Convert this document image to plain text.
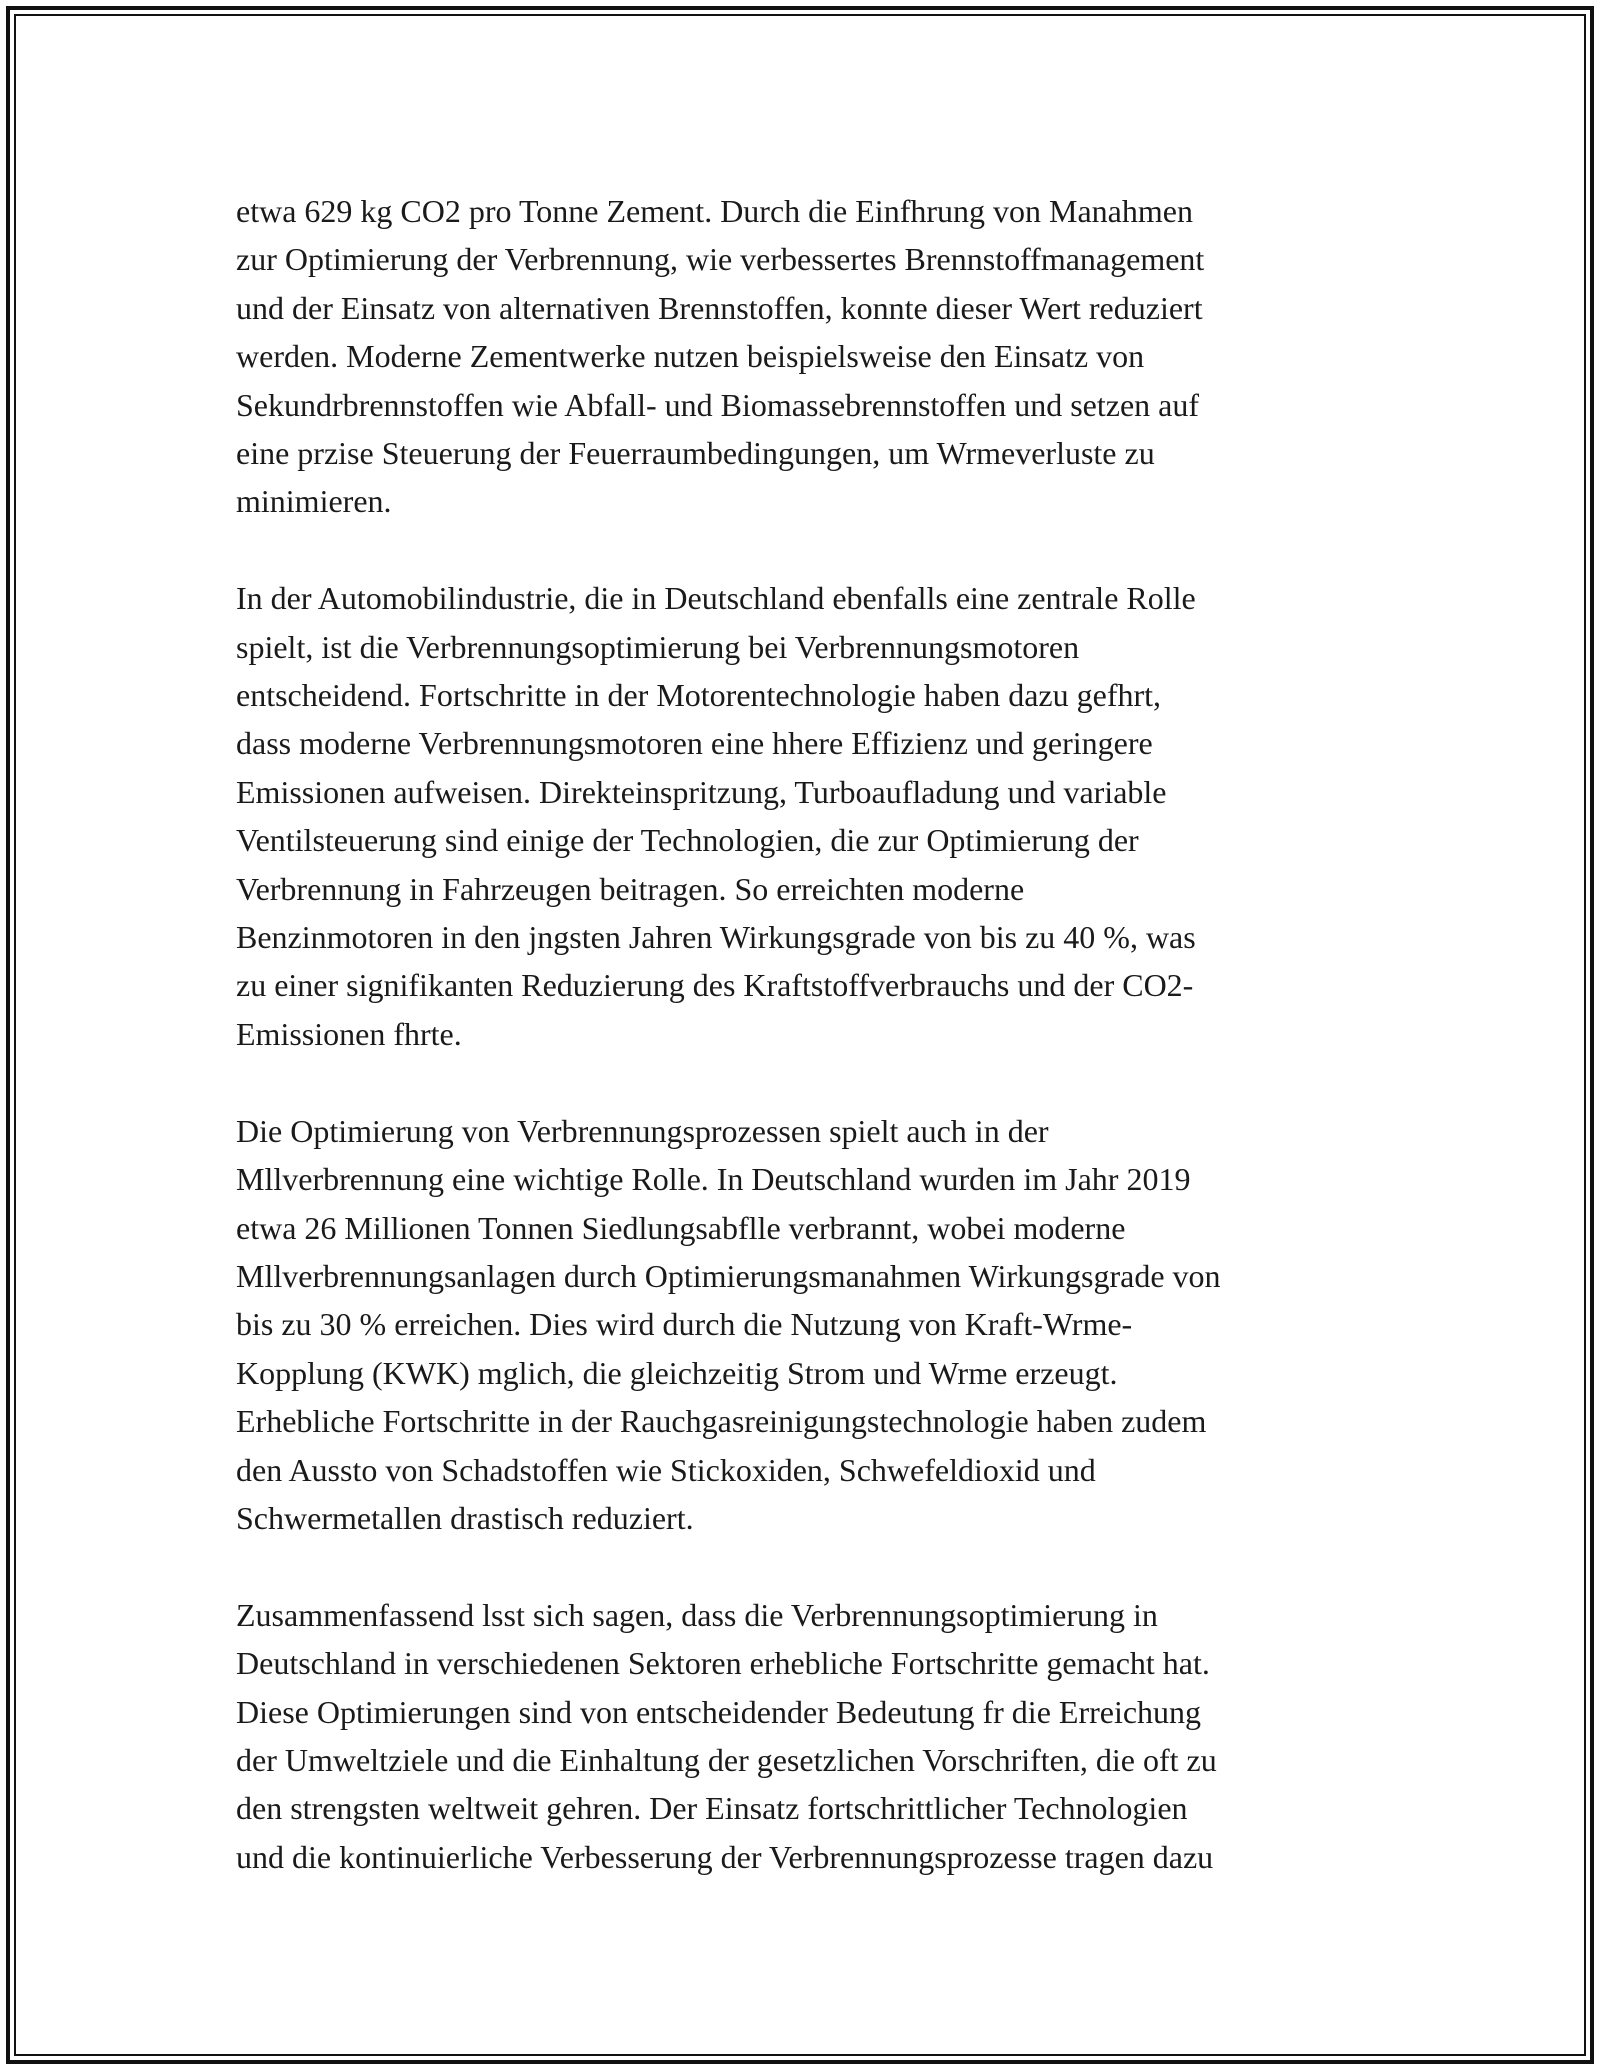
etwa 629 kg CO2 pro Tonne Zement. Durch die Einfhrung von Manahmen
zur Optimierung der Verbrennung, wie verbessertes Brennstoffmanagement
und der Einsatz von alternativen Brennstoffen, konnte dieser Wert reduziert
werden. Moderne Zementwerke nutzen beispielsweise den Einsatz von
Sekundrbrennstoffen wie Abfall- und Biomassebrennstoffen und setzen auf
eine przise Steuerung der Feuerraumbedingungen, um Wrmeverluste zu
minimieren.

In der Automobilindustrie, die in Deutschland ebenfalls eine zentrale Rolle
spielt, ist die Verbrennungsoptimierung bei Verbrennungsmotoren
entscheidend. Fortschritte in der Motorentechnologie haben dazu gefhrt,
dass moderne Verbrennungsmotoren eine hhere Effizienz und geringere
Emissionen aufweisen. Direkteinspritzung, Turboaufladung und variable
Ventilsteuerung sind einige der Technologien, die zur Optimierung der
Verbrennung in Fahrzeugen beitragen. So erreichten moderne
Benzinmotoren in den jngsten Jahren Wirkungsgrade von bis zu 40 %, was
zu einer signifikanten Reduzierung des Kraftstoffverbrauchs und der CO2-
Emissionen fhrte.

Die Optimierung von Verbrennungsprozessen spielt auch in der
Mllverbrennung eine wichtige Rolle. In Deutschland wurden im Jahr 2019
etwa 26 Millionen Tonnen Siedlungsabflle verbrannt, wobei moderne
Mllverbrennungsanlagen durch Optimierungsmanahmen Wirkungsgrade von
bis zu 30 % erreichen. Dies wird durch die Nutzung von Kraft-Wrme-
Kopplung (KWK) mglich, die gleichzeitig Strom und Wrme erzeugt.
Erhebliche Fortschritte in der Rauchgasreinigungstechnologie haben zudem
den Aussto von Schadstoffen wie Stickoxiden, Schwefeldioxid und
Schwermetallen drastisch reduziert.

Zusammenfassend lsst sich sagen, dass die Verbrennungsoptimierung in
Deutschland in verschiedenen Sektoren erhebliche Fortschritte gemacht hat.
Diese Optimierungen sind von entscheidender Bedeutung fr die Erreichung
der Umweltziele und die Einhaltung der gesetzlichen Vorschriften, die oft zu
den strengsten weltweit gehren. Der Einsatz fortschrittlicher Technologien
und die kontinuierliche Verbesserung der Verbrennungsprozesse tragen dazu
